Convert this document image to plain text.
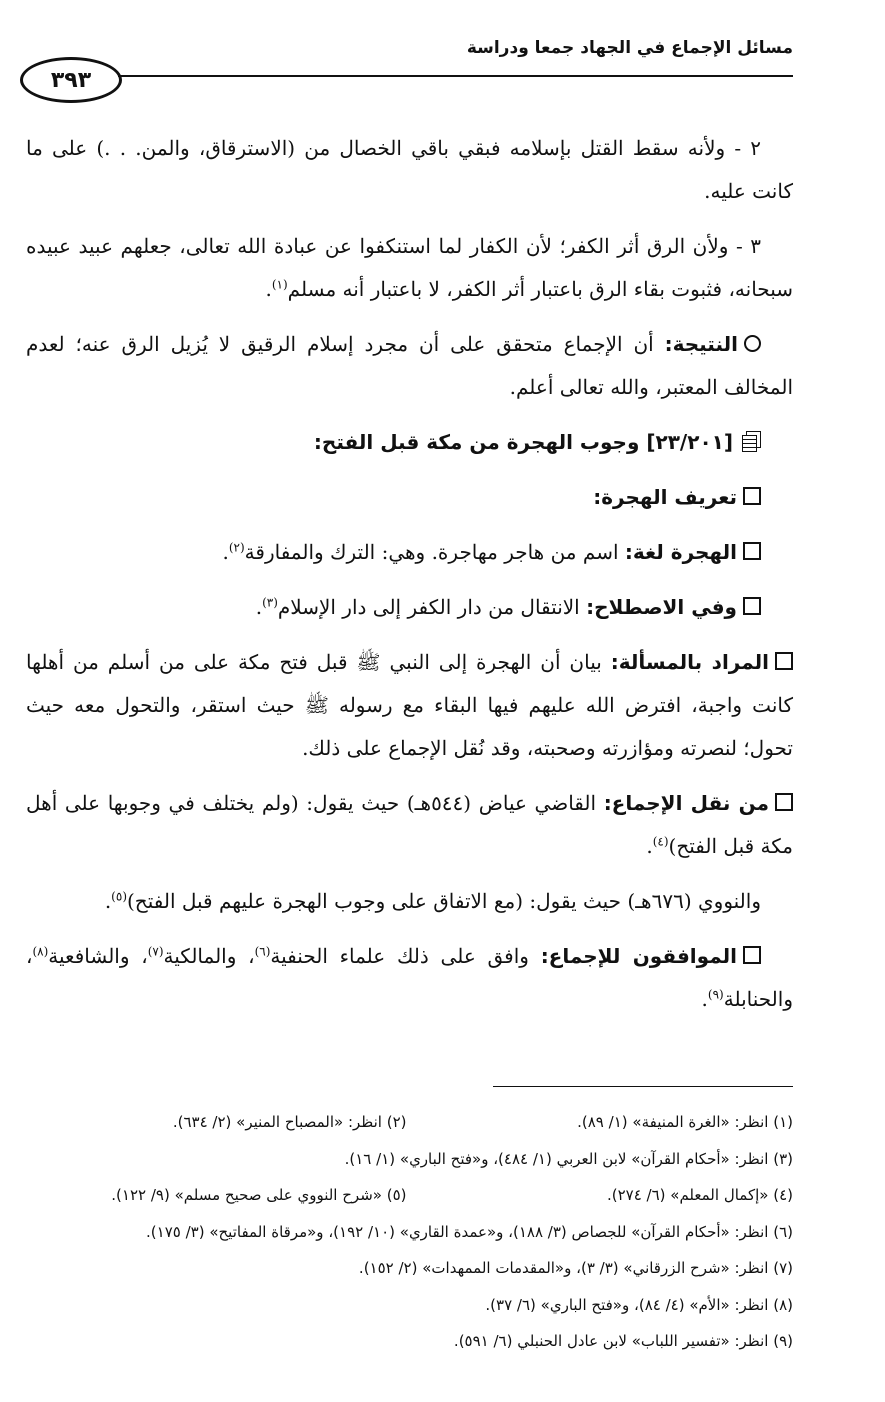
مسائل الإجماع في الجهاد جمعا ودراسة
٣٩٣

٢ - ولأنه سقط القتل بإسلامه فبقي باقي الخصال من (الاسترقاق، والمن. . .) على ما كانت عليه.

٣ - ولأن الرق أثر الكفر؛ لأن الكفار لما استنكفوا عن عبادة الله تعالى، جعلهم عبيد عبيده سبحانه، فثبوت بقاء الرق باعتبار أثر الكفر، لا باعتبار أنه مسلم$^{(١)}$.

النتيجة: أن الإجماع متحقق على أن مجرد إسلام الرقيق لا يُزيل الرق عنه؛ لعدم المخالف المعتبر، والله تعالى أعلم.

[٢٣/٢٠١] وجوب الهجرة من مكة قبل الفتح:

تعريف الهجرة:

الهجرة لغة: اسم من هاجر مهاجرة. وهي: الترك والمفارقة$^{(٢)}$.

وفي الاصطلاح: الانتقال من دار الكفر إلى دار الإسلام$^{(٣)}$.

المراد بالمسألة: بيان أن الهجرة إلى النبي ﷺ قبل فتح مكة على من أسلم من أهلها كانت واجبة، افترض الله عليهم فيها البقاء مع رسوله ﷺ حيث استقر، والتحول معه حيث تحول؛ لنصرته ومؤازرته وصحبته، وقد نُقل الإجماع على ذلك.

من نقل الإجماع: القاضي عياض (٥٤٤هـ) حيث يقول: (ولم يختلف في وجوبها على أهل مكة قبل الفتح)$^{(٤)}$.

والنووي (٦٧٦هـ) حيث يقول: (مع الاتفاق على وجوب الهجرة عليهم قبل الفتح)$^{(٥)}$.

الموافقون للإجماع: وافق على ذلك علماء الحنفية$^{(٦)}$، والمالكية$^{(٧)}$، والشافعية$^{(٨)}$، والحنابلة$^{(٩)}$.

(١) انظر: «الغرة المنيفة» (١/ ٨٩).
(٢) انظر: «المصباح المنير» (٢/ ٦٣٤).
(٣) انظر: «أحكام القرآن» لابن العربي (١/ ٤٨٤)، و«فتح الباري» (١/ ١٦).
(٤) «إكمال المعلم» (٦/ ٢٧٤).
(٥) «شرح النووي على صحيح مسلم» (٩/ ١٢٢).
(٦) انظر: «أحكام القرآن» للجصاص (٣/ ١٨٨)، و«عمدة القاري» (١٠/ ١٩٢)، و«مرقاة المفاتيح» (٣/ ١٧٥).
(٧) انظر: «شرح الزرقاني» (٣/ ٣)، و«المقدمات الممهدات» (٢/ ١٥٢).
(٨) انظر: «الأم» (٤/ ٨٤)، و«فتح الباري» (٦/ ٣٧).
(٩) انظر: «تفسير اللباب» لابن عادل الحنبلي (٦/ ٥٩١).
